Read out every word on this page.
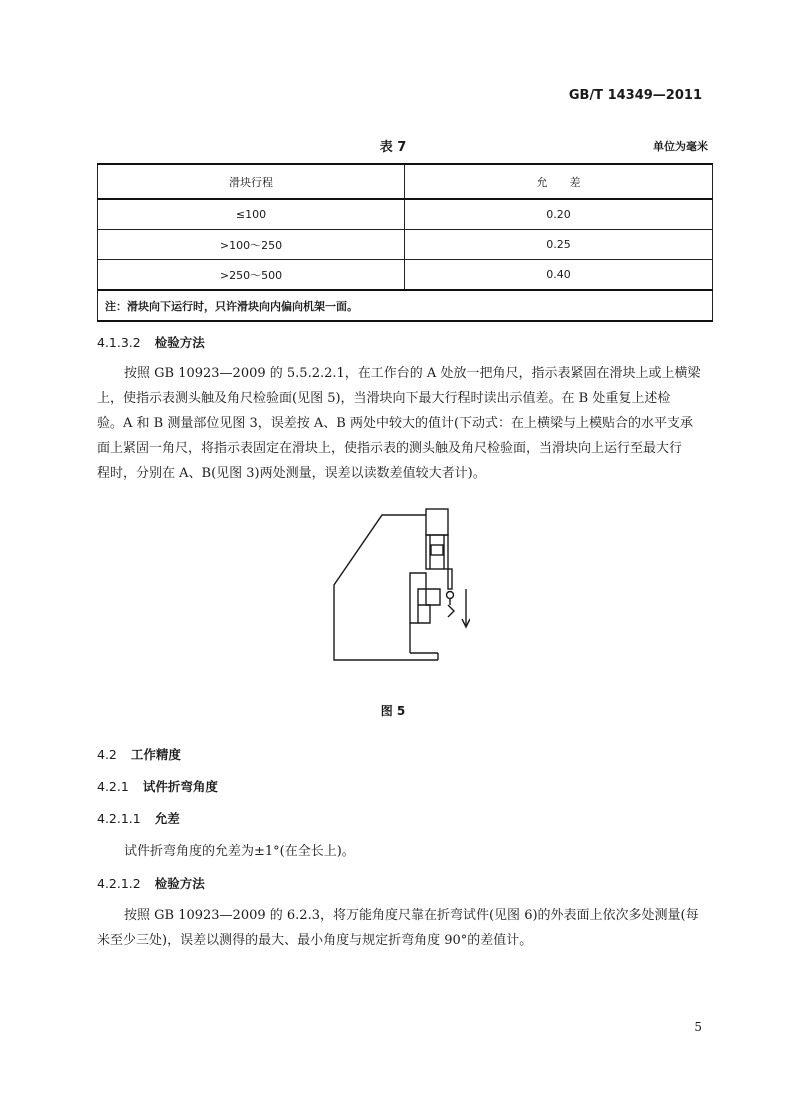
GB/T 14349—2011
表 7	单位为毫米
滑块行程	允　　差
≤100	0.20
>100～250	0.25
>250～500	0.40
注：滑块向下运行时，只许滑块向内偏向机架一面。	
4.1.3.2 检验方法
按照 GB 10923—2009 的 5.5.2.2.1，在工作台的 A 处放一把角尺，指示表紧固在滑块上或上横梁
上，使指示表测头触及角尺检验面(见图 5)，当滑块向下最大行程时读出示值差。在 B 处重复上述检
验。A 和 B 测量部位见图 3，误差按 A、B 两处中较大的值计(下动式：在上横梁与上模贴合的水平支承
面上紧固一角尺，将指示表固定在滑块上，使指示表的测头触及角尺检验面，当滑块向上运行至最大行
程时，分别在 A、B(见图 3)两处测量，误差以读数差值较大者计)。
图 5
4.2 工作精度
4.2.1 试件折弯角度
4.2.1.1 允差
试件折弯角度的允差为±1°(在全长上)。
4.2.1.2 检验方法
按照 GB 10923—2009 的 6.2.3，将万能角度尺靠在折弯试件(见图 6)的外表面上依次多处测量(每
米至少三处)，误差以测得的最大、最小角度与规定折弯角度 90°的差值计。
5
